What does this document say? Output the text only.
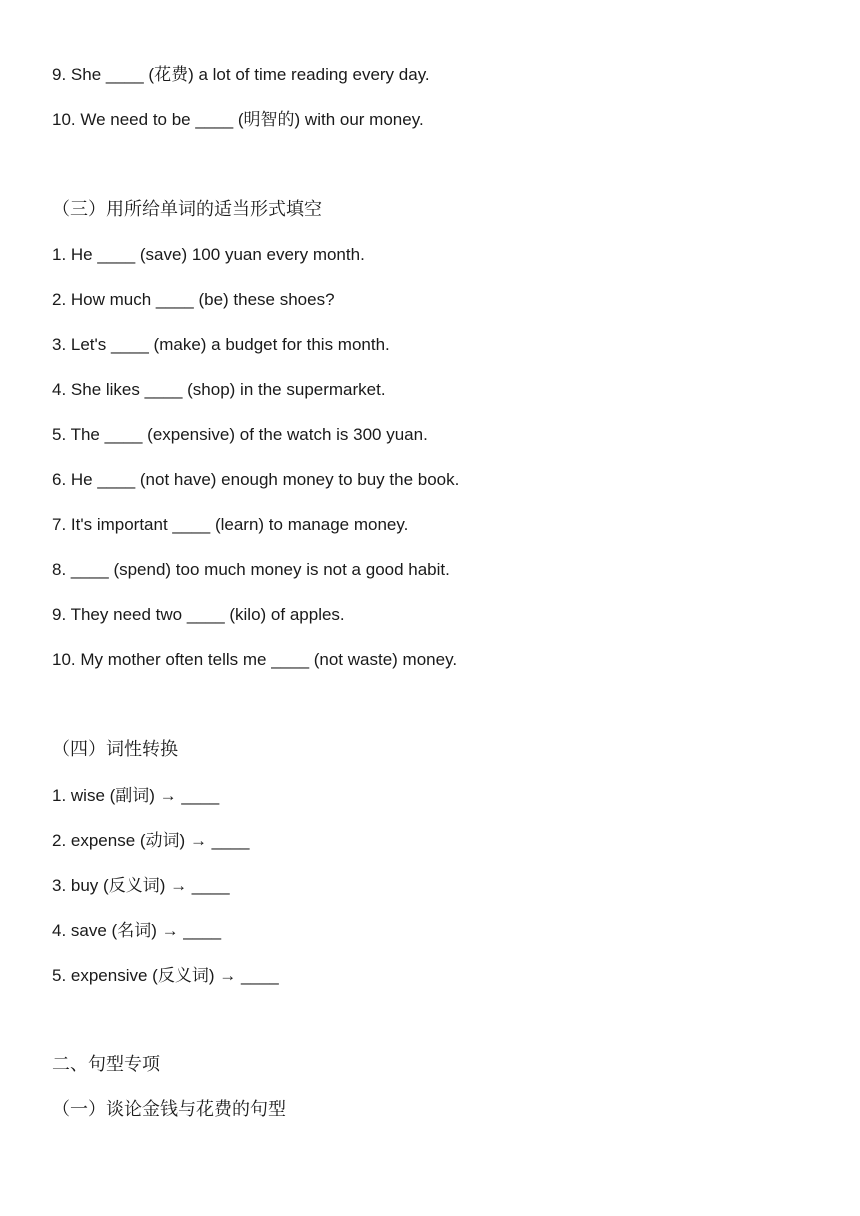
9. She ____ (花费) a lot of time reading every day.
10. We need to be ____ (明智的) with our money.
（三）用所给单词的适当形式填空
1. He ____ (save) 100 yuan every month.
2. How much ____ (be) these shoes?
3. Let's ____ (make) a budget for this month.
4. She likes ____ (shop) in the supermarket.
5. The ____ (expensive) of the watch is 300 yuan.
6. He ____ (not have) enough money to buy the book.
7. It's important ____ (learn) to manage money.
8. ____ (spend) too much money is not a good habit.
9. They need two ____ (kilo) of apples.
10. My mother often tells me ____ (not waste) money.
（四）词性转换
1. wise (副词) → ____
2. expense (动词) → ____
3. buy (反义词) → ____
4. save (名词) → ____
5. expensive (反义词) → ____
二、句型专项
（一）谈论金钱与花费的句型
